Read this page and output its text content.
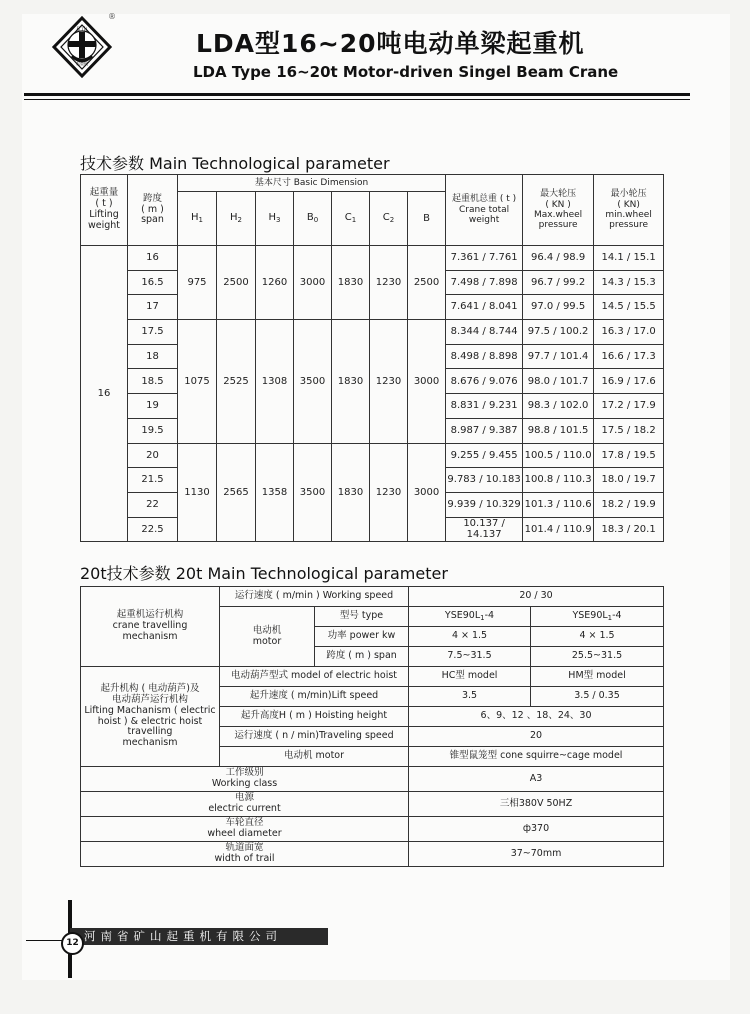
矿山
起重机
®
LDA型16~20吨电动单梁起重机
LDA Type 16~20t Motor-driven Singel Beam Crane
技术参数 Main Technological parameter
起重量
( t )
Lifting
weight	跨度
( m )
span	基本尺寸 Basic Dimension							起重机总重 ( t )
Crane total
weight	最大轮压
( KN )
Max.wheel
pressure	最小轮压
( KN)
min.wheel
pressure
		$H_1$	$H_2$	$H_3$	$B_0$	$C_1$	$C_2$	B			
16	16	975	2500	1260	3000	1830	1230	2500	7.361 / 7.761	96.4 / 98.9	14.1 / 15.1
	16.5								7.498 / 7.898	96.7 / 99.2	14.3 / 15.3
	17								7.641 / 8.041	97.0 / 99.5	14.5 / 15.5
	17.5	1075	2525	1308	3500	1830	1230	3000	8.344 / 8.744	97.5 / 100.2	16.3 / 17.0
	18								8.498 / 8.898	97.7 / 101.4	16.6 / 17.3
	18.5								8.676 / 9.076	98.0 / 101.7	16.9 / 17.6
	19								8.831 / 9.231	98.3 / 102.0	17.2 / 17.9
	19.5								8.987 / 9.387	98.8 / 101.5	17.5 / 18.2
	20	1130	2565	1358	3500	1830	1230	3000	9.255 / 9.455	100.5 / 110.0	17.8 / 19.5
	21.5								9.783 / 10.183	100.8 / 110.3	18.0 / 19.7
	22								9.939 / 10.329	101.3 / 110.6	18.2 / 19.9
	22.5								10.137 / 14.137	101.4 / 110.9	18.3 / 20.1
20t技术参数 20t Main Technological parameter
起重机运行机构
crane travelling
mechanism	运行速度 ( m/min ) Working speed		20 / 30	
	电动机
motor	型号 type	$YSE90L_1-4$	$YSE90L_1-4$
		功率 power kw	4 × 1.5	4 × 1.5
		跨度 ( m ) span	7.5~31.5	25.5~31.5
起升机构 ( 电动葫芦)及
电动葫芦运行机构
Lifting Machanism ( electric
hoist ) & electric hoist travelling
mechanism	电动葫芦型式 model of electric hoist		HC型 model	HM型 model
	起升速度 ( m/min)Lift speed		3.5	3.5 / 0.35
	起升高度H ( m ) Hoisting height		6、9、12 、18、24、30	
	运行速度 ( n / min)Traveling speed		20	
	电动机 motor		锥型鼠笼型 cone squirre~cage model	
工作级别
Working class			A3	
电源
electric current			三相380V 50HZ	
车轮直径
wheel diameter			ф370	
轨道面宽
width of trail			37~70mm	
河南省矿山起重机有限公司
12
